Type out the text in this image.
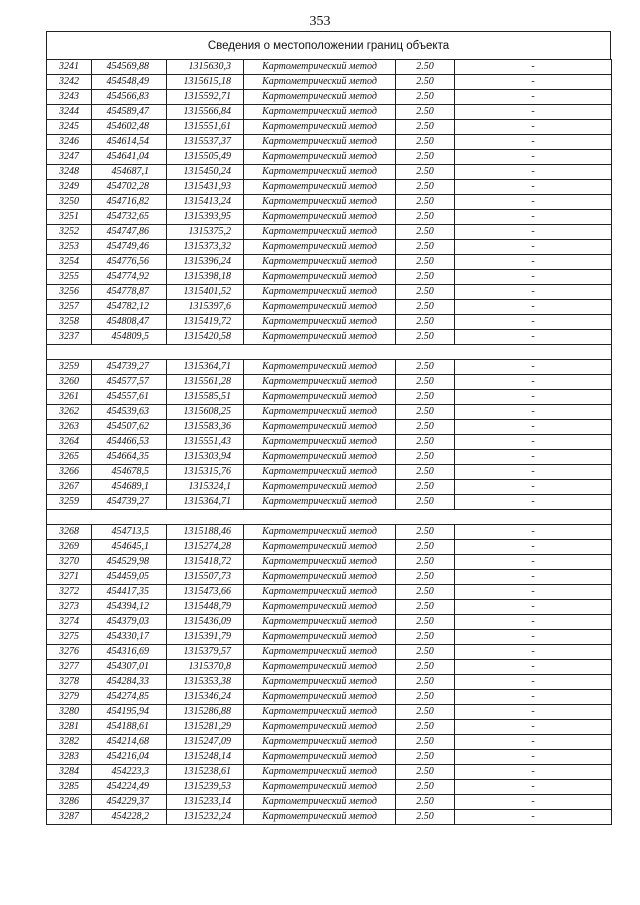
353
Сведения о местоположении границ объекта
3241	454569,88	1315630,3	Картометрический метод	2.50	-
3242	454548,49	1315615,18	Картометрический метод	2.50	-
3243	454566,83	1315592,71	Картометрический метод	2.50	-
3244	454589,47	1315566,84	Картометрический метод	2.50	-
3245	454602,48	1315551,61	Картометрический метод	2.50	-
3246	454614,54	1315537,37	Картометрический метод	2.50	-
3247	454641,04	1315505,49	Картометрический метод	2.50	-
3248	454687,1	1315450,24	Картометрический метод	2.50	-
3249	454702,28	1315431,93	Картометрический метод	2.50	-
3250	454716,82	1315413,24	Картометрический метод	2.50	-
3251	454732,65	1315393,95	Картометрический метод	2.50	-
3252	454747,86	1315375,2	Картометрический метод	2.50	-
3253	454749,46	1315373,32	Картометрический метод	2.50	-
3254	454776,56	1315396,24	Картометрический метод	2.50	-
3255	454774,92	1315398,18	Картометрический метод	2.50	-
3256	454778,87	1315401,52	Картометрический метод	2.50	-
3257	454782,12	1315397,6	Картометрический метод	2.50	-
3258	454808,47	1315419,72	Картометрический метод	2.50	-
3237	454809,5	1315420,58	Картометрический метод	2.50	-

3259	454739,27	1315364,71	Картометрический метод	2.50	-
3260	454577,57	1315561,28	Картометрический метод	2.50	-
3261	454557,61	1315585,51	Картометрический метод	2.50	-
3262	454539,63	1315608,25	Картометрический метод	2.50	-
3263	454507,62	1315583,36	Картометрический метод	2.50	-
3264	454466,53	1315551,43	Картометрический метод	2.50	-
3265	454664,35	1315303,94	Картометрический метод	2.50	-
3266	454678,5	1315315,76	Картометрический метод	2.50	-
3267	454689,1	1315324,1	Картометрический метод	2.50	-
3259	454739,27	1315364,71	Картометрический метод	2.50	-

3268	454713,5	1315188,46	Картометрический метод	2.50	-
3269	454645,1	1315274,28	Картометрический метод	2.50	-
3270	454529,98	1315418,72	Картометрический метод	2.50	-
3271	454459,05	1315507,73	Картометрический метод	2.50	-
3272	454417,35	1315473,66	Картометрический метод	2.50	-
3273	454394,12	1315448,79	Картометрический метод	2.50	-
3274	454379,03	1315436,09	Картометрический метод	2.50	-
3275	454330,17	1315391,79	Картометрический метод	2.50	-
3276	454316,69	1315379,57	Картометрический метод	2.50	-
3277	454307,01	1315370,8	Картометрический метод	2.50	-
3278	454284,33	1315353,38	Картометрический метод	2.50	-
3279	454274,85	1315346,24	Картометрический метод	2.50	-
3280	454195,94	1315286,88	Картометрический метод	2.50	-
3281	454188,61	1315281,29	Картометрический метод	2.50	-
3282	454214,68	1315247,09	Картометрический метод	2.50	-
3283	454216,04	1315248,14	Картометрический метод	2.50	-
3284	454223,3	1315238,61	Картометрический метод	2.50	-
3285	454224,49	1315239,53	Картометрический метод	2.50	-
3286	454229,37	1315233,14	Картометрический метод	2.50	-
3287	454228,2	1315232,24	Картометрический метод	2.50	-
